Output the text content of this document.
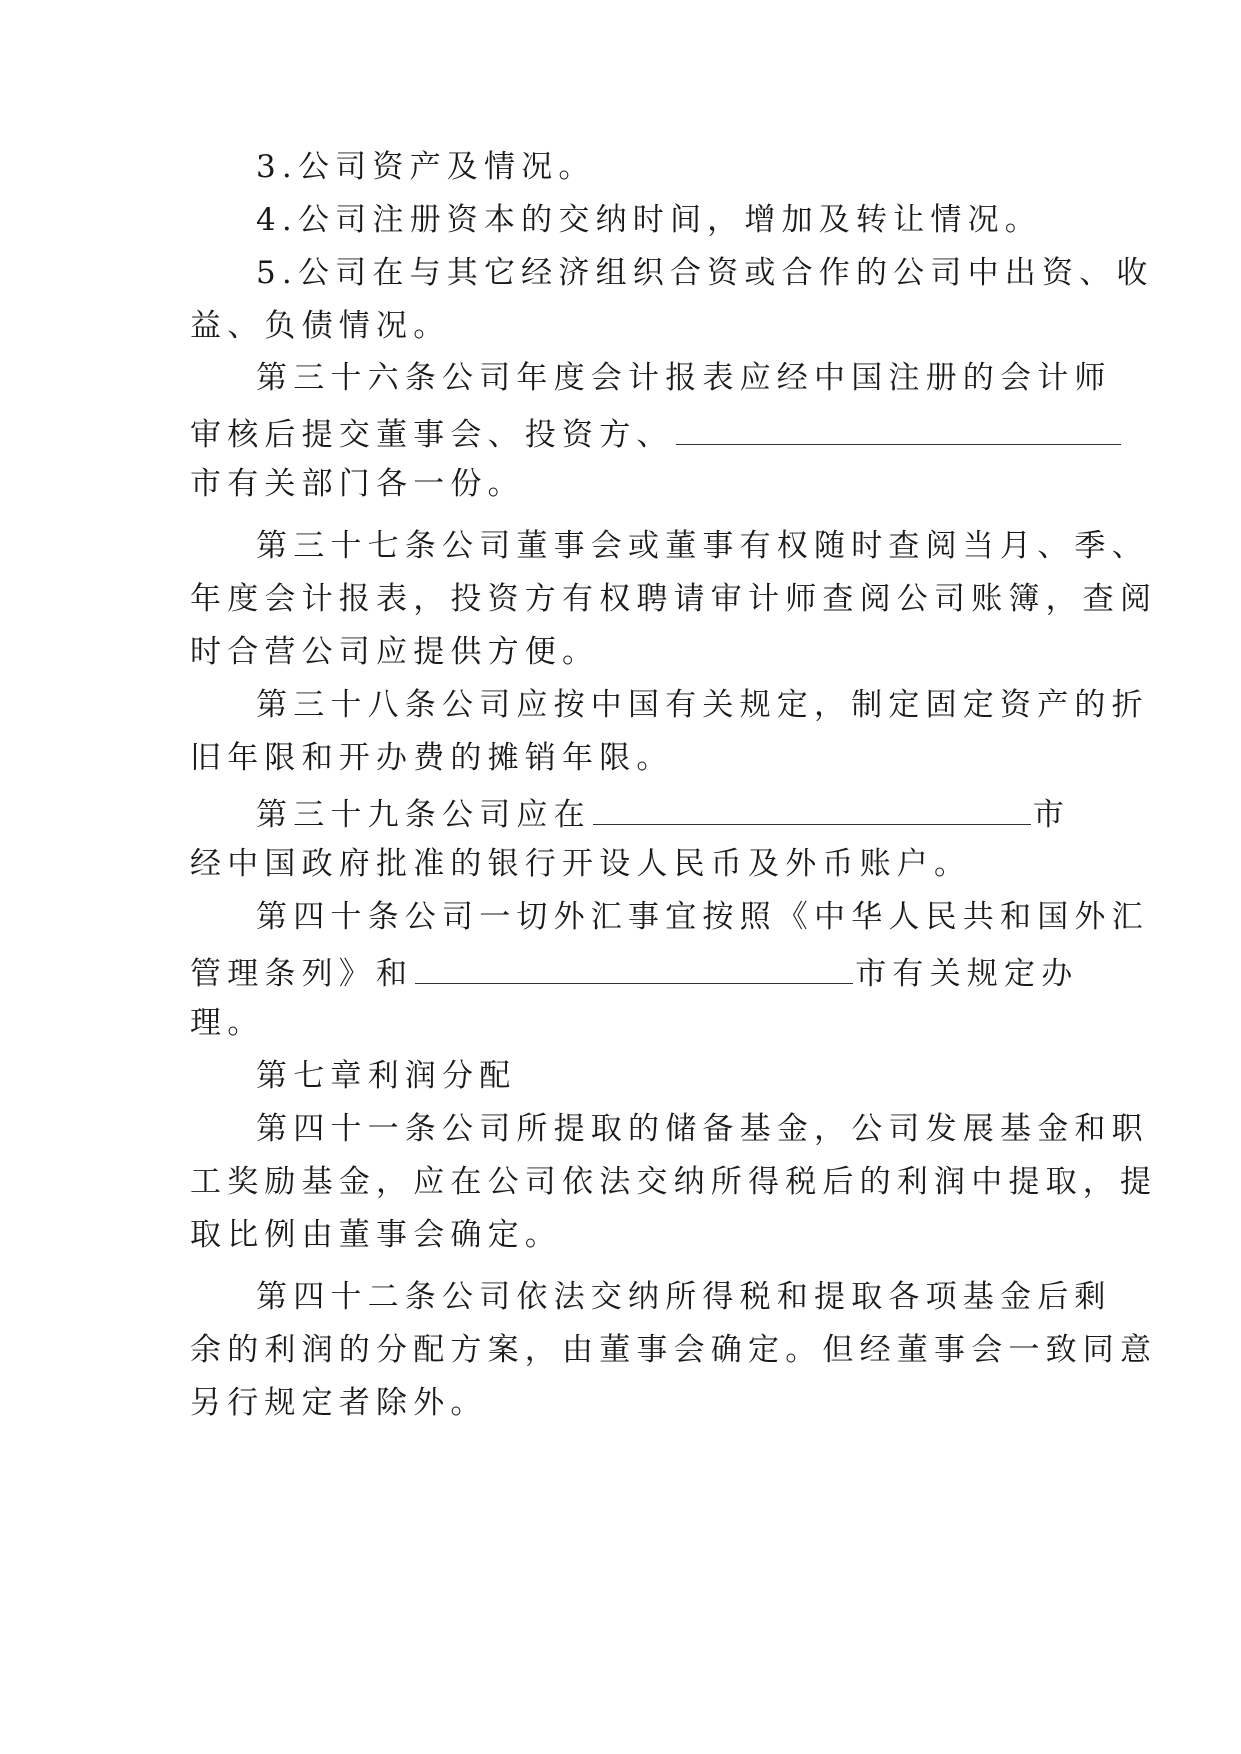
3.公司资产及情况。
4.公司注册资本的交纳时间，增加及转让情况。
5.公司在与其它经济组织合资或合作的公司中出资、收
益、负债情况。
第三十六条公司年度会计报表应经中国注册的会计师
审核后提交董事会、投资方、
市有关部门各一份。
第三十七条公司董事会或董事有权随时查阅当月、季、
年度会计报表，投资方有权聘请审计师查阅公司账簿，查阅
时合营公司应提供方便。
第三十八条公司应按中国有关规定，制定固定资产的折
旧年限和开办费的摊销年限。
第三十九条公司应在	市
经中国政府批准的银行开设人民币及外币账户。
第四十条公司一切外汇事宜按照《中华人民共和国外汇
管理条列》和	市有关规定办
理。
第七章利润分配
第四十一条公司所提取的储备基金，公司发展基金和职
工奖励基金，应在公司依法交纳所得税后的利润中提取，提
取比例由董事会确定。
第四十二条公司依法交纳所得税和提取各项基金后剩
余的利润的分配方案，由董事会确定。但经董事会一致同意
另行规定者除外。
